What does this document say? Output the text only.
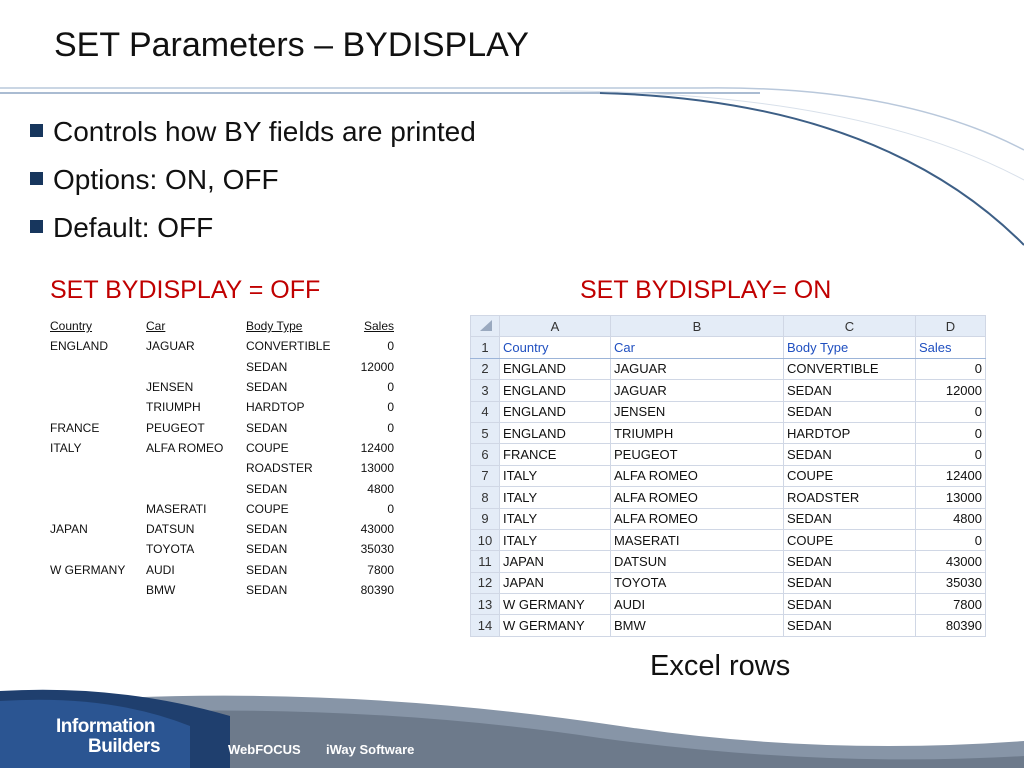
SET Parameters – BYDISPLAY
Controls how BY fields are printed
Options: ON, OFF
Default: OFF
SET BYDISPLAY = OFF	SET BYDISPLAY= ON
Country	Car	Body Type	Sales
ENGLAND	JAGUAR	CONVERTIBLE	0
		SEDAN	12000
	JENSEN	SEDAN	0
	TRIUMPH	HARDTOP	0
FRANCE	PEUGEOT	SEDAN	0
ITALY	ALFA ROMEO	COUPE	12400
		ROADSTER	13000
		SEDAN	4800
	MASERATI	COUPE	0
JAPAN	DATSUN	SEDAN	43000
	TOYOTA	SEDAN	35030
W GERMANY	AUDI	SEDAN	7800
	BMW	SEDAN	80390
	A	B	C	D
1	Country	Car	Body Type	Sales
2	ENGLAND	JAGUAR	CONVERTIBLE	0
3	ENGLAND	JAGUAR	SEDAN	12000
4	ENGLAND	JENSEN	SEDAN	0
5	ENGLAND	TRIUMPH	HARDTOP	0
6	FRANCE	PEUGEOT	SEDAN	0
7	ITALY	ALFA ROMEO	COUPE	12400
8	ITALY	ALFA ROMEO	ROADSTER	13000
9	ITALY	ALFA ROMEO	SEDAN	4800
10	ITALY	MASERATI	COUPE	0
11	JAPAN	DATSUN	SEDAN	43000
12	JAPAN	TOYOTA	SEDAN	35030
13	W GERMANY	AUDI	SEDAN	7800
14	W GERMANY	BMW	SEDAN	80390
Excel rows
Information
Builders	WebFOCUS iWay Software
